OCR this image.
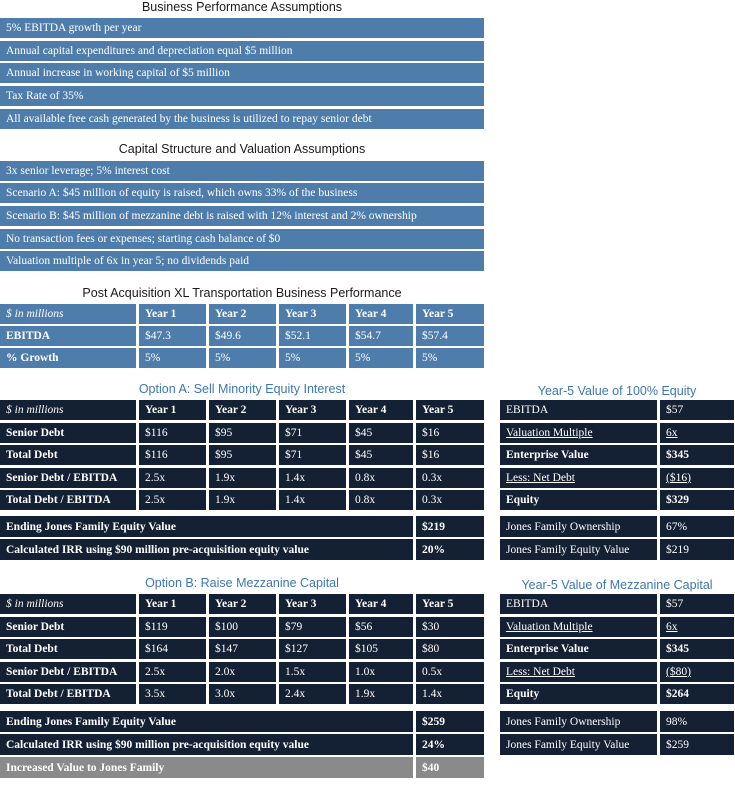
Business Performance Assumptions
5% EBITDA growth per year
Annual capital expenditures and depreciation equal $5 million
Annual increase in working capital of $5 million
Tax Rate of 35%
All available free cash generated by the business is utilized to repay senior debt
Capital Structure and Valuation Assumptions
3x senior leverage; 5% interest cost
Scenario A: $45 million of equity is raised, which owns 33% of the business
Scenario B: $45 million of mezzanine debt is raised with 12% interest and 2% ownership
No transaction fees or expenses; starting cash balance of $0
Valuation multiple of 6x in year 5; no dividends paid
Post Acquisition XL Transportation Business Performance
$ in millions	Year 1	Year 2	Year 3	Year 4	Year 5
EBITDA	$47.3	$49.6	$52.1	$54.7	$57.4
% Growth	5%	5%	5%	5%	5%
Option A: Sell Minority Equity Interest
$ in millions	Year 1	Year 2	Year 3	Year 4	Year 5
Senior Debt	$116	$95	$71	$45	$16
Total Debt	$116	$95	$71	$45	$16
Senior Debt / EBITDA	2.5x	1.9x	1.4x	0.8x	0.3x
Total Debt / EBITDA	2.5x	1.9x	1.4x	0.8x	0.3x
Ending Jones Family Equity Value	$219
Calculated IRR using $90 million pre-acquisition equity value	20%
Year-5 Value of 100% Equity
EBITDA	$57
Valuation Multiple	6x
Enterprise Value	$345
Less: Net Debt	($16)
Equity	$329
Jones Family Ownership	67%
Jones Family Equity Value	$219
Option B: Raise Mezzanine Capital
$ in millions	Year 1	Year 2	Year 3	Year 4	Year 5
Senior Debt	$119	$100	$79	$56	$30
Total Debt	$164	$147	$127	$105	$80
Senior Debt / EBITDA	2.5x	2.0x	1.5x	1.0x	0.5x
Total Debt / EBITDA	3.5x	3.0x	2.4x	1.9x	1.4x
Ending Jones Family Equity Value	$259
Calculated IRR using $90 million pre-acquisition equity value	24%
Increased Value to Jones Family	$40
Year-5 Value of Mezzanine Capital
EBITDA	$57
Valuation Multiple	6x
Enterprise Value	$345
Less: Net Debt	($80)
Equity	$264
Jones Family Ownership	98%
Jones Family Equity Value	$259
